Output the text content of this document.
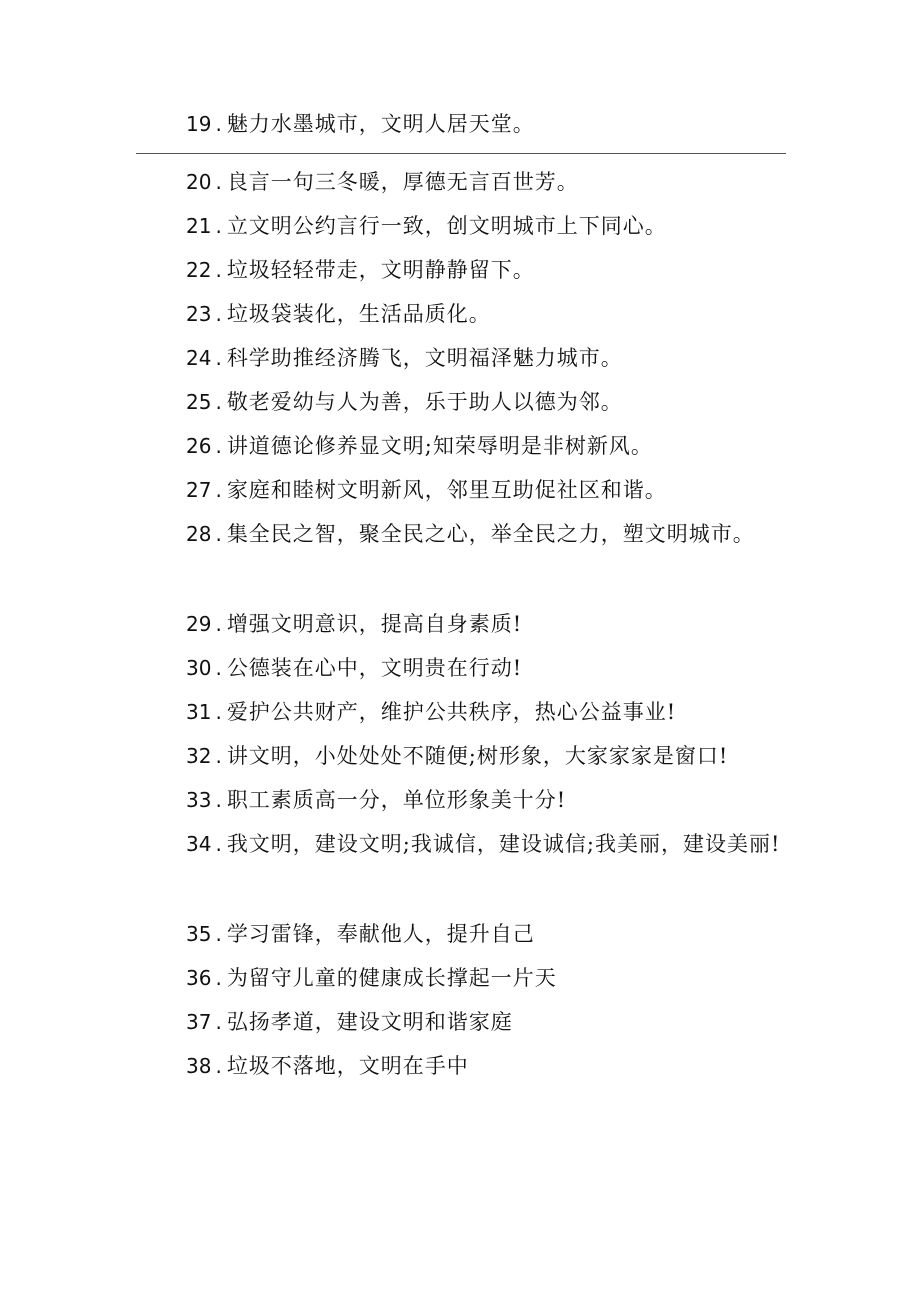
19 . 魅力水墨城市，文明人居天堂。
20 . 良言一句三冬暖，厚德无言百世芳。
21 . 立文明公约言行一致，创文明城市上下同心。
22 . 垃圾轻轻带走，文明静静留下。
23 . 垃圾袋装化，生活品质化。
24 . 科学助推经济腾飞，文明福泽魅力城市。
25 . 敬老爱幼与人为善，乐于助人以德为邻。
26 . 讲道德论修养显文明;知荣辱明是非树新风。
27 . 家庭和睦树文明新风，邻里互助促社区和谐。
28 . 集全民之智，聚全民之心，举全民之力，塑文明城市。
29 . 增强文明意识，提高自身素质!
30 . 公德装在心中，文明贵在行动!
31 . 爱护公共财产，维护公共秩序，热心公益事业!
32 . 讲文明，小处处处不随便;树形象，大家家家是窗口!
33 . 职工素质高一分，单位形象美十分!
34 . 我文明，建设文明;我诚信，建设诚信;我美丽，建设美丽!
35 . 学习雷锋，奉献他人，提升自己
36 . 为留守儿童的健康成长撑起一片天
37 . 弘扬孝道，建设文明和谐家庭
38 . 垃圾不落地，文明在手中
